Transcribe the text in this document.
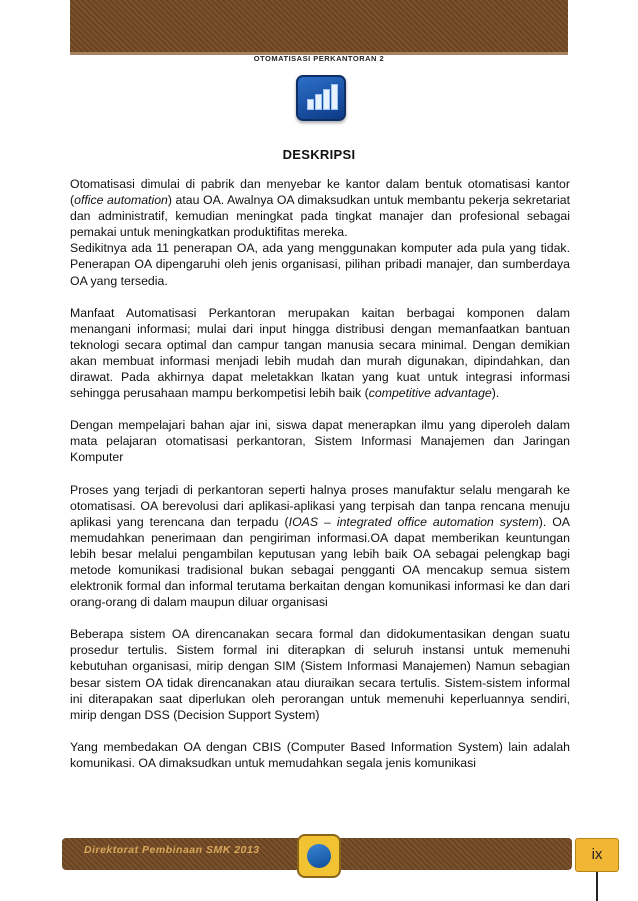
OTOMATISASI PERKANTORAN 2
DESKRIPSI

Otomatisasi dimulai di pabrik dan menyebar ke kantor dalam bentuk otomatisasi kantor (office automation) atau OA. Awalnya OA dimaksudkan untuk membantu pekerja sekretariat dan administratif, kemudian meningkat pada tingkat manajer dan profesional sebagai pemakai untuk meningkatkan produktifitas mereka.

Sedikitnya ada 11 penerapan OA, ada yang menggunakan komputer ada pula yang tidak. Penerapan OA dipengaruhi oleh jenis organisasi, pilihan pribadi manajer, dan sumberdaya OA yang tersedia.

Manfaat Automatisasi Perkantoran merupakan kaitan berbagai komponen dalam menangani informasi; mulai dari input hingga distribusi dengan memanfaatkan bantuan teknologi secara optimal dan campur tangan manusia secara minimal. Dengan demikian akan membuat informasi menjadi lebih mudah dan murah digunakan, dipindahkan, dan dirawat. Pada akhirnya dapat meletakkan lkatan yang kuat untuk integrasi informasi sehingga perusahaan mampu berkompetisi lebih baik (competitive advantage).

Dengan mempelajari bahan ajar ini, siswa dapat menerapkan ilmu yang diperoleh dalam mata pelajaran otomatisasi perkantoran, Sistem Informasi Manajemen dan Jaringan Komputer

Proses yang terjadi di perkantoran seperti halnya proses manufaktur selalu mengarah ke otomatisasi. OA berevolusi dari aplikasi-aplikasi yang terpisah dan tanpa rencana menuju aplikasi yang terencana dan terpadu (IOAS – integrated office automation system). OA memudahkan penerimaan dan pengiriman informasi.OA dapat memberikan keuntungan lebih besar melalui pengambilan keputusan yang lebih baik OA sebagai pelengkap bagi metode komunikasi tradisional bukan sebagai pengganti OA mencakup semua sistem elektronik formal dan informal terutama berkaitan dengan komunikasi informasi ke dan dari orang-orang di dalam maupun diluar organisasi

Beberapa sistem OA direncanakan secara formal dan didokumentasikan dengan suatu prosedur tertulis. Sistem formal ini diterapkan di seluruh instansi untuk memenuhi kebutuhan organisasi, mirip dengan SIM (Sistem Informasi Manajemen) Namun sebagian besar sistem OA tidak direncanakan atau diuraikan secara tertulis. Sistem-sistem informal ini diterapakan saat diperlukan oleh perorangan untuk memenuhi keperluannya sendiri, mirip dengan DSS (Decision Support System)

Yang membedakan OA dengan CBIS (Computer Based Information System) lain adalah komunikasi. OA dimaksudkan untuk memudahkan segala jenis komunikasi

Direktorat Pembinaan SMK 2013	ix
